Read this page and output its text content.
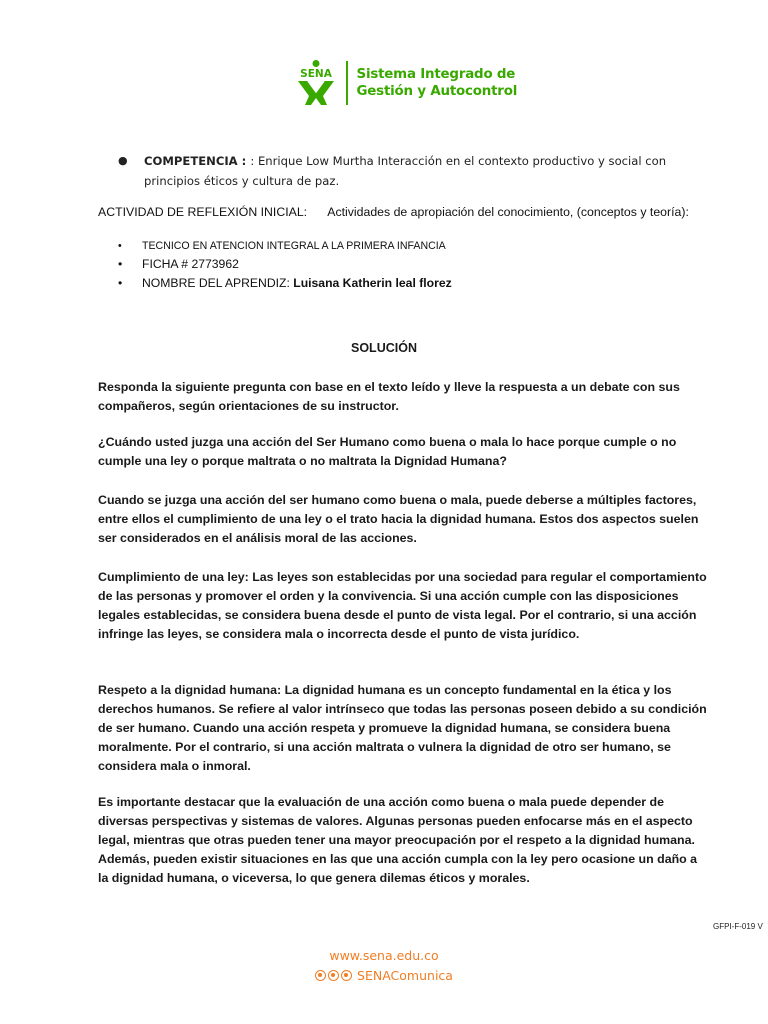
SENA Sistema Integrado de
Gestión y Autocontrol
●	COMPETENCIA : : Enrique Low Murtha Interacción en el contexto productivo y social con principios éticos y cultura de paz.
ACTIVIDAD DE REFLEXIÓN INICIAL: Actividades de apropiación del conocimiento, (conceptos y teoría):
• TECNICO EN ATENCION INTEGRAL A LA PRIMERA INFANCIA
• FICHA # 2773962
• NOMBRE DEL APRENDIZ: Luisana Katherin leal florez
SOLUCIÓN
Responda la siguiente pregunta con base en el texto leído y lleve la respuesta a un debate con sus compañeros, según orientaciones de su instructor.
¿Cuándo usted juzga una acción del Ser Humano como buena o mala lo hace porque cumple o no cumple una ley o porque maltrata o no maltrata la Dignidad Humana?
Cuando se juzga una acción del ser humano como buena o mala, puede deberse a múltiples factores, entre ellos el cumplimiento de una ley o el trato hacia la dignidad humana. Estos dos aspectos suelen ser considerados en el análisis moral de las acciones.
Cumplimiento de una ley: Las leyes son establecidas por una sociedad para regular el comportamiento de las personas y promover el orden y la convivencia. Si una acción cumple con las disposiciones legales establecidas, se considera buena desde el punto de vista legal. Por el contrario, si una acción infringe las leyes, se considera mala o incorrecta desde el punto de vista jurídico.
Respeto a la dignidad humana: La dignidad humana es un concepto fundamental en la ética y los derechos humanos. Se refiere al valor intrínseco que todas las personas poseen debido a su condición de ser humano. Cuando una acción respeta y promueve la dignidad humana, se considera buena moralmente. Por el contrario, si una acción maltrata o vulnera la dignidad de otro ser humano, se considera mala o inmoral.
Es importante destacar que la evaluación de una acción como buena o mala puede depender de diversas perspectivas y sistemas de valores. Algunas personas pueden enfocarse más en el aspecto legal, mientras que otras pueden tener una mayor preocupación por el respeto a la dignidad humana. Además, pueden existir situaciones en las que una acción cumpla con la ley pero ocasione un daño a la dignidad humana, o viceversa, lo que genera dilemas éticos y morales.
GFPI-F-019 V
www.sena.edu.co
SENAComunica
